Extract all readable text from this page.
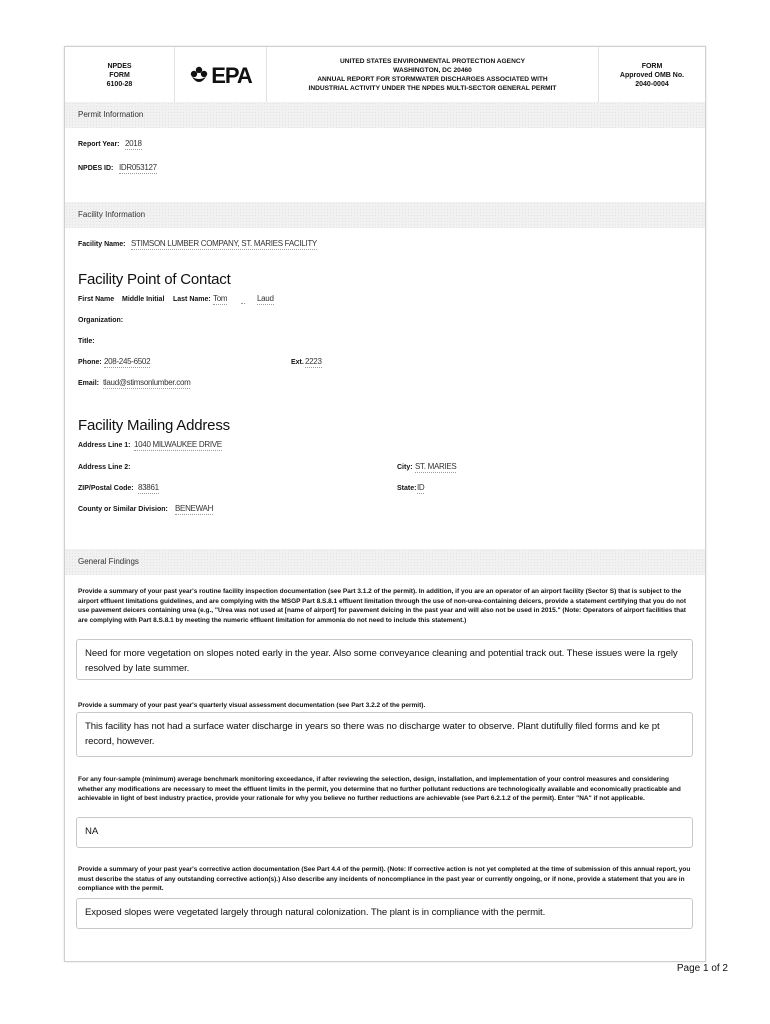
NPDES
FORM
6100-28	EPA
UNITED STATES ENVIRONMENTAL PROTECTION AGENCY
WASHINGTON, DC 20460
ANNUAL REPORT FOR STORMWATER DISCHARGES ASSOCIATED WITH
INDUSTRIAL ACTIVITY UNDER THE NPDES MULTI-SECTOR GENERAL PERMIT
FORM
Approved OMB No.
2040-0004
Permit Information
Report Year: 2018
NPDES ID: IDR053127
Facility Information
Facility Name: STIMSON LUMBER COMPANY, ST. MARIES FACILITY
Facility Point of Contact
First Name Middle Initial Last Name: Tom	Laud
Organization:
Title:
Phone: 208-245-6502	Ext. 2223
Email: tlaud@stimsonlumber.com
Facility Mailing Address
Address Line 1: 1040 MILWAUKEE DRIVE
Address Line 2:	City: ST. MARIES
ZIP/Postal Code: 83861	State: ID
County or Similar Division: BENEWAH
General Findings
Provide a summary of your past year's routine facility inspection documentation (see Part 3.1.2 of the permit). In addition, if you are an operator of an airport facility (Sector S) that is subject to the airport effluent limitations guidelines, and are complying with the MSGP Part 8.S.8.1 effluent limitation through the use of non-urea-containing deicers, provide a statement certifying that you do not use pavement deicers containing urea (e.g., "Urea was not used at [name of airport] for pavement deicing in the past year and will also not be used in 2015." (Note: Operators of airport facilities that are complying with Part 8.S.8.1 by meeting the numeric effluent limitation for ammonia do not need to include this statement.)
Need for more vegetation on slopes noted early in the year. Also some conveyance cleaning and potential track out. These issues were la rgely resolved by late summer.
Provide a summary of your past year's quarterly visual assessment documentation (see Part 3.2.2 of the permit).
This facility has not had a surface water discharge in years so there was no discharge water to observe. Plant dutifully filed forms and ke pt record, however.
For any four-sample (minimum) average benchmark monitoring exceedance, if after reviewing the selection, design, installation, and implementation of your control measures and considering whether any modifications are necessary to meet the effluent limits in the permit, you determine that no further pollutant reductions are technologically available and economically practicable and achievable in light of best industry practice, provide your rationale for why you believe no further reductions are achievable (see Part 6.2.1.2 of the permit). Enter "NA" if not applicable.
NA
Provide a summary of your past year's corrective action documentation (See Part 4.4 of the permit). (Note: If corrective action is not yet completed at the time of submission of this annual report, you must describe the status of any outstanding corrective action(s).) Also describe any incidents of noncompliance in the past year or currently ongoing, or if none, provide a statement that you are in compliance with the permit.
Exposed slopes were vegetated largely through natural colonization. The plant is in compliance with the permit.
Page 1 of 2
